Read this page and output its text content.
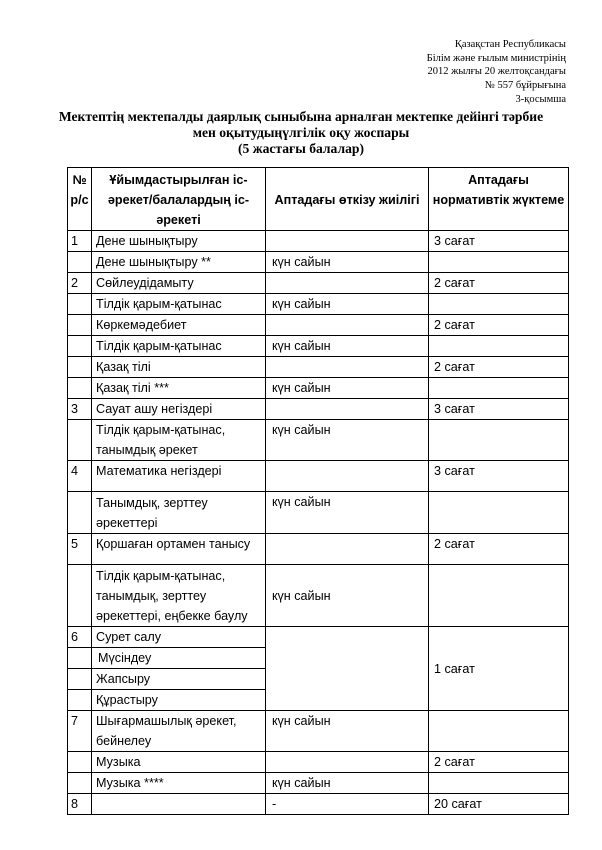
Қазақстан Республикасы
Білім және ғылым министрінің
2012 жылғы 20 желтоқсандағы
№ 557 бұйрығына
3-қосымша
Мектептің мектепалды даярлық сыныбына арналған мектепке дейінгі тәрбие
мен оқытудыңүлгілік оқу жоспары
(5 жастағы балалар)
№ р/с	Ұйымдастырылған іс-әрекет/балалардың іс-әрекеті	Аптадағы өткізу жиілігі	Аптадағы нормативтік жүктеме
1	Дене шынықтыру		3 сағат
	Дене шынықтыру **	күн сайын	
2	Сөйлеудідамыту		2 сағат
	Тілдік қарым-қатынас	күн сайын	
	Көркемәдебиет		2 сағат
	Тілдік қарым-қатынас	күн сайын	
	Қазақ тілі		2 сағат
	Қазақ тілі ***	күн сайын	
3	Сауат ашу негіздері		3 сағат
	Тілдік қарым-қатынас, танымдық әрекет	күн сайын	
4	Математика негіздері		3 сағат
	Танымдық, зерттеу әрекеттері	күн сайын	
5	Қоршаған ортамен танысу		2 сағат
	Тілдік қарым-қатынас, танымдық, зерттеу әрекеттері, еңбекке баулу	күн сайын	
6	Сурет салу		1 сағат
	Мүсіндеу		
	Жапсыру		
	Құрастыру		
7	Шығармашылық әрекет, бейнелеу	күн сайын	
	Музыка		2 сағат
	Музыка ****	күн сайын	
8		-	20 сағат
